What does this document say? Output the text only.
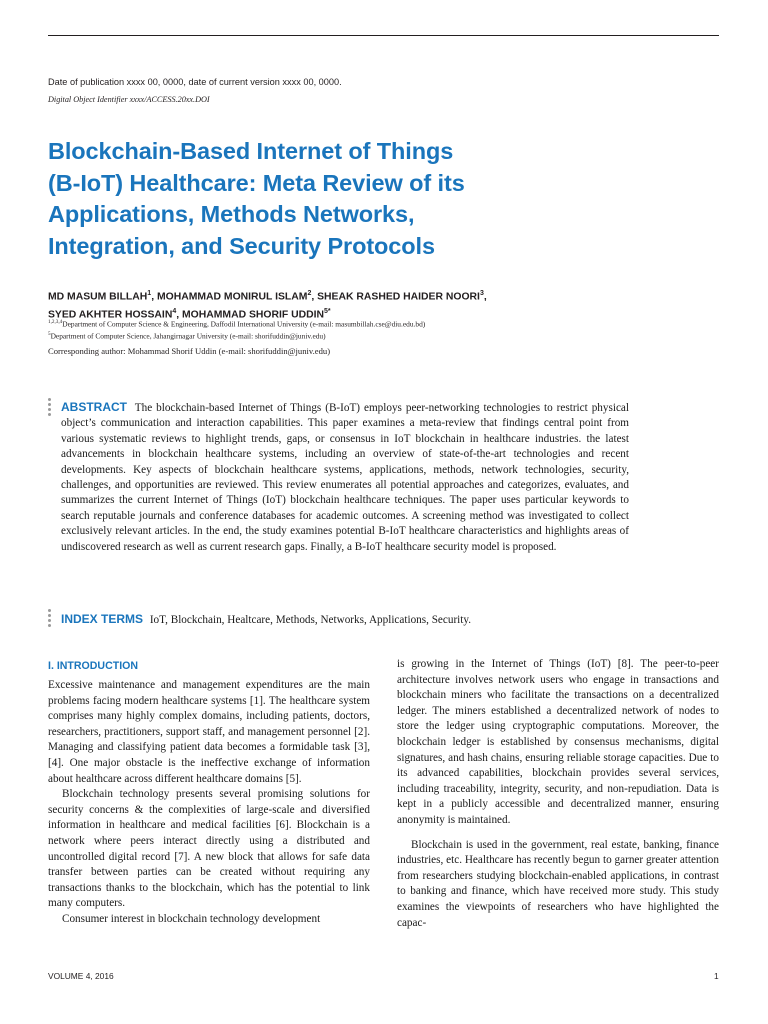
Date of publication xxxx 00, 0000, date of current version xxxx 00, 0000.
Digital Object Identifier xxxx/ACCESS.20xx.DOI
Blockchain-Based Internet of Things
(B-IoT) Healthcare: Meta Review of its
Applications, Methods Networks,
Integration, and Security Protocols
MD MASUM BILLAH$^1$, MOHAMMAD MONIRUL ISLAM$^2$, SHEAK RASHED HAIDER NOORI$^3$,
SYED AKHTER HOSSAIN$^4$, MOHAMMAD SHORIF $UDDIN^{5*}$
$^{1,2,3,4}$Department of Computer Science & Engineering, Daffodil International University (e-mail: masumbillah.cse@diu.edu.bd)
$^5$Department of Computer Science, Jahangirnagar University (e-mail: shorifuddin@juniv.edu)
Corresponding author: Mohammad Shorif Uddin (e-mail: shorifuddin@juniv.edu)
ABSTRACT The blockchain-based Internet of Things (B-IoT) employs peer-networking technologies to restrict physical object’s communication and interaction capabilities. This paper examines a meta-review that findings central point from various systematic reviews to highlight trends, gaps, or consensus in IoT blockchain in healthcare industries. the latest advancements in blockchain healthcare systems, including an overview of state-of-the-art technologies and recent developments. Key aspects of blockchain healthcare systems, applications, methods, network technologies, security, challenges, and opportunities are reviewed. This review enumerates all potential approaches and categorizes, evaluates, and summarizes the current Internet of Things (IoT) blockchain healthcare techniques. The paper uses particular keywords to search reputable journals and conference databases for academic outcomes. A screening method was investigated to collect exclusively relevant articles. In the end, the study examines potential B-IoT healthcare characteristics and highlights areas of undiscovered research as well as current research gaps. Finally, a B-IoT healthcare security model is proposed.
INDEX TERMS IoT, Blockchain, Healtcare, Methods, Networks, Applications, Security.
I. INTRODUCTION

Excessive maintenance and management expenditures are the main problems facing modern healthcare systems [1]. The healthcare system comprises many highly complex domains, including patients, doctors, researchers, practitioners, support staff, and management personnel [2]. Managing and classifying patient data becomes a formidable task [3], [4]. One major obstacle is the ineffective exchange of information about healthcare across different healthcare domains [5].

Blockchain technology presents several promising solutions for security concerns & the complexities of large-scale and diversified information in healthcare and medical facilities [6]. Blockchain is a network where peers interact directly using a distributed and uncontrolled digital record [7]. A new block that allows for safe data transfer between parties can be created without requiring any transactions thanks to the blockchain, which has the potential to link many computers.

Consumer interest in blockchain technology development

is growing in the Internet of Things (IoT) [8]. The peer-to-peer architecture involves network users who engage in transactions and blockchain miners who facilitate the transactions on a decentralized ledger. The miners established a decentralized network of nodes to store the ledger using cryptographic computations. Moreover, the blockchain ledger is established by consensus mechanisms, digital signatures, and hash chains, ensuring reliable storage capacities. Due to its advanced capabilities, blockchain provides several services, including traceability, integrity, security, and non-repudiation. Data is kept in a publicly accessible and decentralized manner, ensuring anonymity is maintained.

Blockchain is used in the government, real estate, banking, finance industries, etc. Healthcare has recently begun to garner greater attention from researchers studying blockchain-enabled applications, in contrast to banking and finance, which have received more study. This study examines the viewpoints of researchers who have highlighted the capac-

VOLUME 4, 2016	1
